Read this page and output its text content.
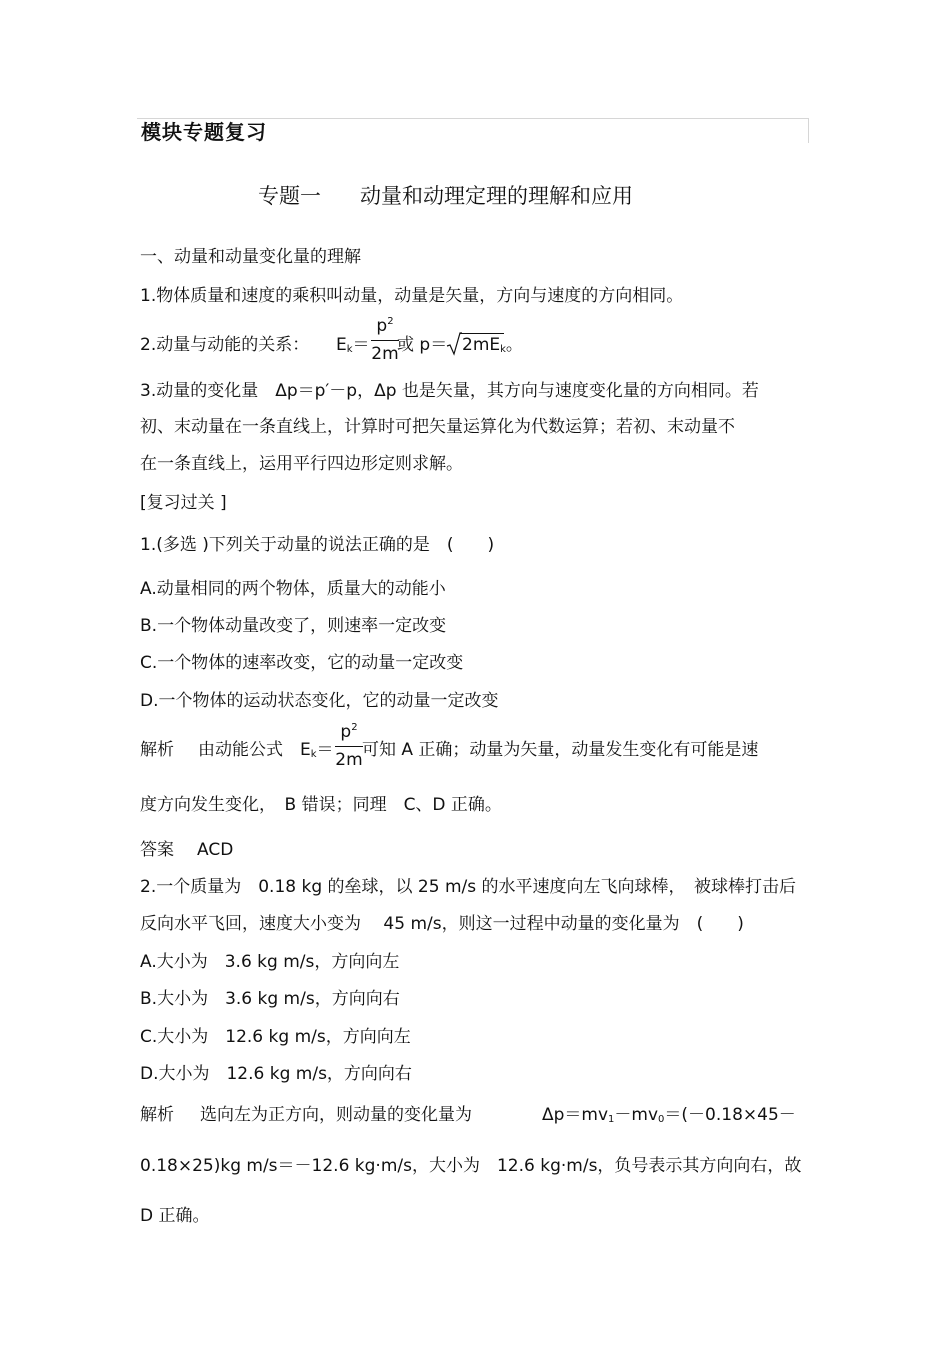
模块专题复习
专题一 动量和动理定理的理解和应用
一、动量和动量变化量的理解
1.物体质量和速度的乘积叫动量，动量是矢量，方向与速度的方向相同。
2.动量与动能的关系： $E_k=$
$p^2$
2m
或 $p= 2mE_k$。
3.动量的变化量　Δp＝p′－p，Δp 也是矢量，其方向与速度变化量的方向相同。若
初、末动量在一条直线上，计算时可把矢量运算化为代数运算；若初、末动量不
在一条直线上，运用平行四边形定则求解。
[复习过关 ]
1.(多选 )下列关于动量的说法正确的是　(　　)
A.动量相同的两个物体，质量大的动能小
B.一个物体动量改变了，则速率一定改变
C.一个物体的速率改变，它的动量一定改变
D.一个物体的运动状态变化，它的动量一定改变
解析 由动能公式　$E_k=$
$p^2$
2m 可知 A 正确；动量为矢量，动量发生变化有可能是速
度方向发生变化，　B 错误；同理　C、D 正确。
答案 ACD
2.一个质量为　0.18 kg 的垒球，以 25 m/s 的水平速度向左飞向球棒，　被球棒打击后
反向水平飞回，速度大小变为　 45 m/s，则这一过程中动量的变化量为　(　　)
A.大小为　3.6 kg m/s，方向向左
B.大小为　3.6 kg m/s，方向向右
C.大小为　12.6 kg m/s，方向向左
D.大小为　12.6 kg m/s，方向向右
解析 选向左为正方向，则动量的变化量为	$\Delta p=mv_1-mv_0=(-0.18\times 45-$
0.18×25)kg m/s＝－12.6 kg·m/s，大小为　12.6 kg·m/s，负号表示其方向向右，故
D 正确。
